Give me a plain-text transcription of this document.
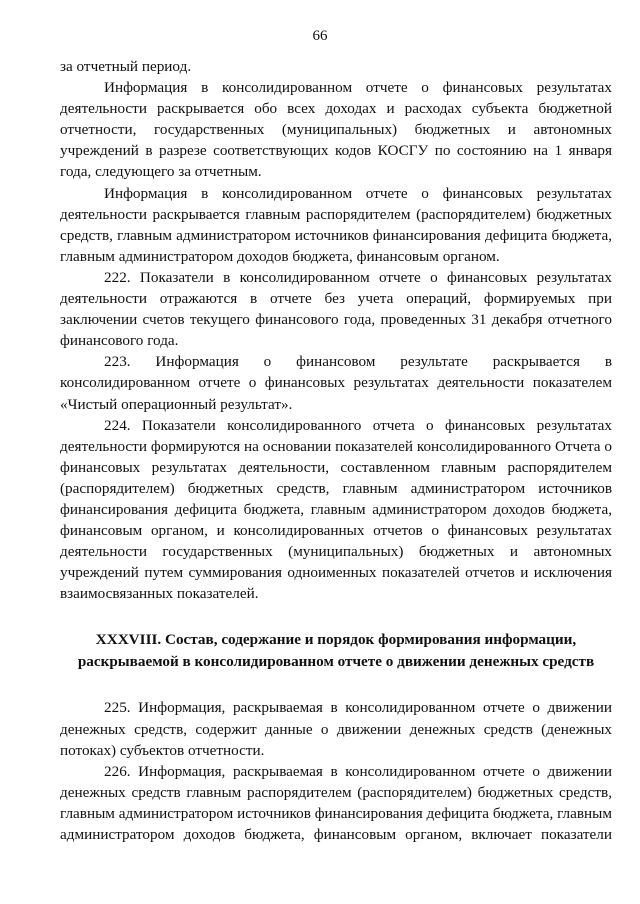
66

за отчетный период.

Информация в консолидированном отчете о финансовых результатах деятельности раскрывается обо всех доходах и расходах субъекта бюджетной отчетности, государственных (муниципальных) бюджетных и автономных учреждений в разрезе соответствующих кодов КОСГУ по состоянию на 1 января года, следующего за отчетным.

Информация в консолидированном отчете о финансовых результатах деятельности раскрывается главным распорядителем (распорядителем) бюджетных средств, главным администратором источников финансирования дефицита бюджета, главным администратором доходов бюджета, финансовым органом.

222. Показатели в консолидированном отчете о финансовых результатах деятельности отражаются в отчете без учета операций, формируемых при заключении счетов текущего финансового года, проведенных 31 декабря отчетного финансового года.

223. Информация о финансовом результате раскрывается в консолидированном отчете о финансовых результатах деятельности показателем «Чистый операционный результат».

224. Показатели консолидированного отчета о финансовых результатах деятельности формируются на основании показателей консолидированного Отчета о финансовых результатах деятельности, составленном главным распорядителем (распорядителем) бюджетных средств, главным администратором источников финансирования дефицита бюджета, главным администратором доходов бюджета, финансовым органом, и консолидированных отчетов о финансовых результатах деятельности государственных (муниципальных) бюджетных и автономных учреждений путем суммирования одноименных показателей отчетов и исключения взаимосвязанных показателей.

XXXVIII. Состав, содержание и порядок формирования информации,
раскрываемой в консолидированном отчете о движении денежных средств

225. Информация, раскрываемая в консолидированном отчете о движении денежных средств, содержит данные о движении денежных средств (денежных потоках) субъектов отчетности.

226. Информация, раскрываемая в консолидированном отчете о движении денежных средств главным распорядителем (распорядителем) бюджетных средств, главным администратором источников финансирования дефицита бюджета, главным администратором доходов бюджета, финансовым органом, включает показатели
